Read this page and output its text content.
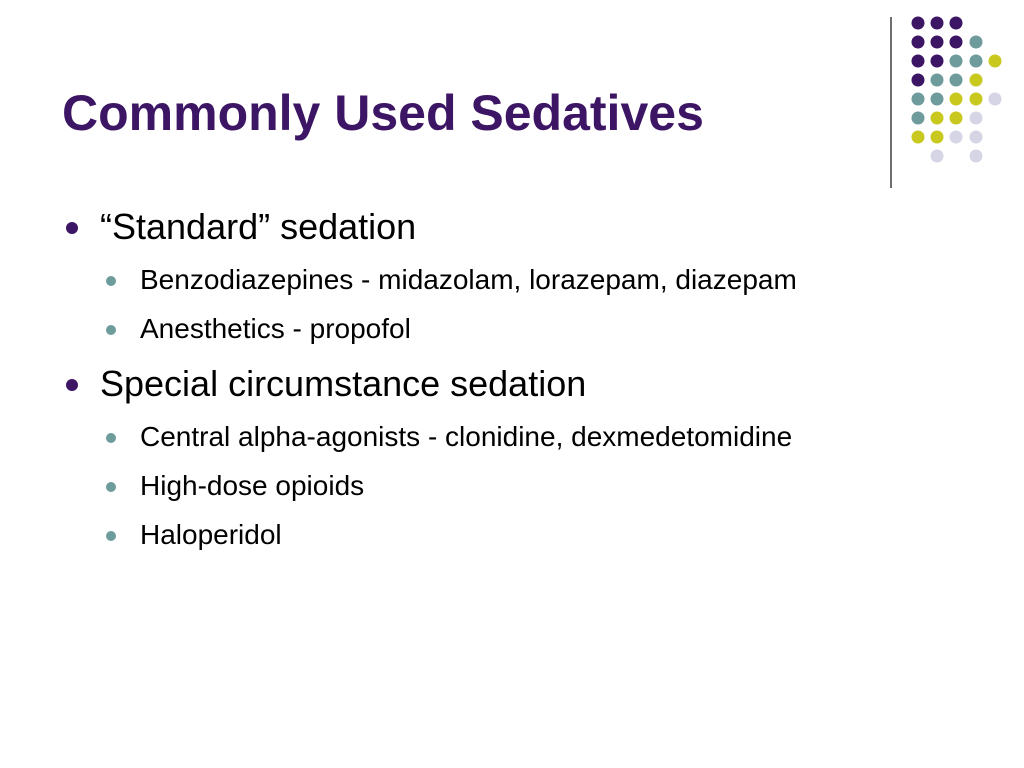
Commonly Used Sedatives
“Standard” sedation
Benzodiazepines - midazolam, lorazepam, diazepam
Anesthetics - propofol
Special circumstance sedation
Central alpha-agonists - clonidine, dexmedetomidine
High-dose opioids
Haloperidol
